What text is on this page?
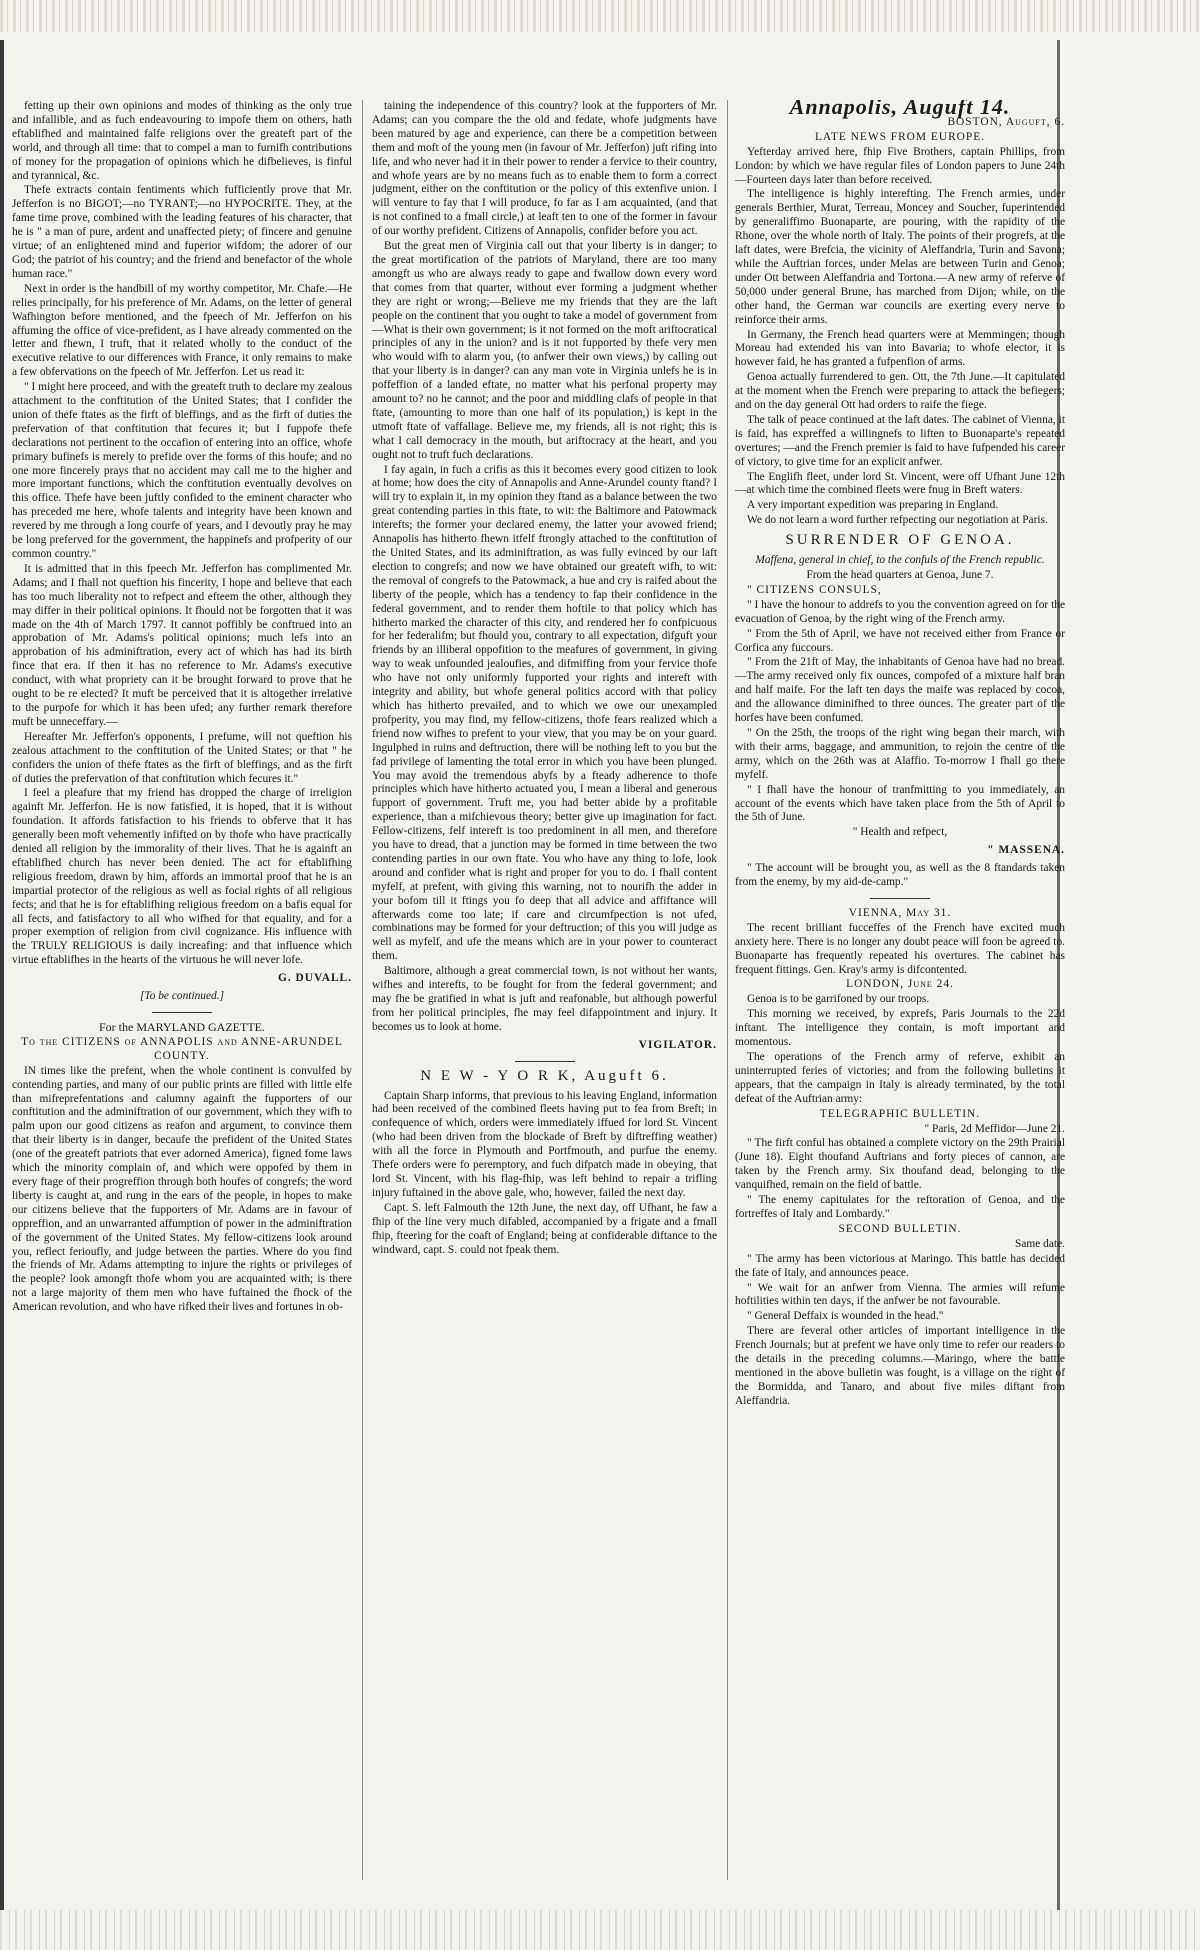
fetting up their own opinions and modes of thinking as the only true and infallible, and as fuch endeavouring to impofe them on others, hath eftablifhed and maintained falfe religions over the greateft part of the world, and through all time: that to compel a man to furnifh contributions of money for the propagation of opinions which he difbelieves, is finful and tyrannical, &c.

Thefe extracts contain fentiments which fufficiently prove that Mr. Jefferfon is no BIGOT;—no TYRANT;—no HYPOCRITE. They, at the fame time prove, combined with the leading features of his character, that he is " a man of pure, ardent and unaffected piety; of fincere and genuine virtue; of an enlightened mind and fuperior wifdom; the adorer of our God; the patriot of his country; and the friend and benefactor of the whole human race."

Next in order is the handbill of my worthy competitor, Mr. Chafe.—He relies principally, for his preference of Mr. Adams, on the letter of general Wafhington before mentioned, and the fpeech of Mr. Jefferfon on his affuming the office of vice-prefident, as I have already commented on the letter and fhewn, I truft, that it related wholly to the conduct of the executive relative to our differences with France, it only remains to make a few obfervations on the fpeech of Mr. Jefferfon. Let us read it:

" I might here proceed, and with the greateft truth to declare my zealous attachment to the conftitution of the United States; that I confider the union of thefe ftates as the firft of bleffings, and as the firft of duties the prefervation of that conftitution that fecures it; but I fuppofe thefe declarations not pertinent to the occafion of entering into an office, whofe primary bufinefs is merely to prefide over the forms of this houfe; and no one more fincerely prays that no accident may call me to the higher and more important functions, which the conftitution eventually devolves on this office. Thefe have been juftly confided to the eminent character who has preceded me here, whofe talents and integrity have been known and revered by me through a long courfe of years, and I devoutly pray he may be long preferved for the government, the happinefs and profperity of our common country."

It is admitted that in this fpeech Mr. Jefferfon has complimented Mr. Adams; and I fhall not queftion his fincerity, I hope and believe that each has too much liberality not to refpect and efteem the other, although they may differ in their political opinions. It fhould not be forgotten that it was made on the 4th of March 1797. It cannot poffibly be conftrued into an approbation of Mr. Adams's political opinions; much lefs into an approbation of his adminiftration, every act of which has had its birth fince that era. If then it has no reference to Mr. Adams's executive conduct, with what propriety can it be brought forward to prove that he ought to be re elected? It muft be perceived that it is altogether irrelative to the purpofe for which it has been ufed; any further remark therefore muft be unneceffary.—

Hereafter Mr. Jefferfon's opponents, I prefume, will not queftion his zealous attachment to the conftitution of the United States; or that " he confiders the union of thefe ftates as the firft of bleffings, and as the firft of duties the prefervation of that conftitution which fecures it."

I feel a pleafure that my friend has dropped the charge of irreligion againft Mr. Jefferfon. He is now fatisfied, it is hoped, that it is without foundation. It affords fatisfaction to his friends to obferve that it has generally been moft vehemently infifted on by thofe who have practically denied all religion by the immorality of their lives. That he is againft an eftablifhed church has never been denied. The act for eftablifhing religious freedom, drawn by him, affords an immortal proof that he is an impartial protector of the religious as well as focial rights of all religious fects; and that he is for eftablifhing religious freedom on a bafis equal for all fects, and fatisfactory to all who wifhed for that equality, and for a proper exemption of religion from civil cognizance. His influence with the TRULY RELIGIOUS is daily increafing: and that influence which virtue eftablifhes in the hearts of the virtuous he will never lofe.

G. DUVALL.

[To be continued.]

For the MARYLAND GAZETTE.

To the CITIZENS of ANNAPOLIS and ANNE-ARUNDEL COUNTY.

IN times like the prefent, when the whole continent is convulfed by contending parties, and many of our public prints are filled with little elfe than mifreprefentations and calumny againft the fupporters of our conftitution and the adminiftration of our government, which they wifh to palm upon our good citizens as reafon and argument, to convince them that their liberty is in danger, becaufe the prefident of the United States (one of the greateft patriots that ever adorned America), figned fome laws which the minority complain of, and which were oppofed by them in every ftage of their progreffion through both houfes of congrefs; the word liberty is caught at, and rung in the ears of the people, in hopes to make our citizens believe that the fupporters of Mr. Adams are in favour of oppreffion, and an unwarranted affumption of power in the adminiftration of the government of the United States. My fellow-citizens look around you, reflect ferioufly, and judge between the parties. Where do you find the friends of Mr. Adams attempting to injure the rights or privileges of the people? look amongft thofe whom you are acquainted with; is there not a large majority of them men who have fuftained the fhock of the American revolution, and who have rifked their lives and fortunes in ob-

taining the independence of this country? look at the fupporters of Mr. Adams; can you compare the the old and fedate, whofe judgments have been matured by age and experience, can there be a competition between them and moft of the young men (in favour of Mr. Jefferfon) juft rifing into life, and who never had it in their power to render a fervice to their country, and whofe years are by no means fuch as to enable them to form a correct judgment, either on the conftitution or the policy of this extenfive union. I will venture to fay that I will produce, fo far as I am acquainted, (and that is not confined to a fmall circle,) at leaft ten to one of the former in favour of our worthy prefident. Citizens of Annapolis, confider before you act.

But the great men of Virginia call out that your liberty is in danger; to the great mortification of the patriots of Maryland, there are too many amongft us who are always ready to gape and fwallow down every word that comes from that quarter, without ever forming a judgment whether they are right or wrong;—Believe me my friends that they are the laft people on the continent that you ought to take a model of government from—What is their own government; is it not formed on the moft ariftocratical principles of any in the union? and is it not fupported by thefe very men who would wifh to alarm you, (to anfwer their own views,) by calling out that your liberty is in danger? can any man vote in Virginia unlefs he is in poffeffion of a landed eftate, no matter what his perfonal property may amount to? no he cannot; and the poor and middling clafs of people in that ftate, (amounting to more than one half of its population,) is kept in the utmoft ftate of vaffallage. Believe me, my friends, all is not right; this is what I call democracy in the mouth, but ariftocracy at the heart, and you ought not to truft fuch declarations.

I fay again, in fuch a crifis as this it becomes every good citizen to look at home; how does the city of Annapolis and Anne-Arundel county ftand? I will try to explain it, in my opinion they ftand as a balance between the two great contending parties in this ftate, to wit: the Baltimore and Patowmack interefts; the former your declared enemy, the latter your avowed friend; Annapolis has hitherto fhewn itfelf ftrongly attached to the conftitution of the United States, and its adminiftration, as was fully evinced by our laft election to congrefs; and now we have obtained our greateft wifh, to wit: the removal of congrefs to the Patowmack, a hue and cry is raifed about the liberty of the people, which has a tendency to fap their confidence in the federal government, and to render them hoftile to that policy which has hitherto marked the character of this city, and rendered her fo confpicuous for her federalifm; but fhould you, contrary to all expectation, difguft your friends by an illiberal oppofition to the meafures of government, in giving way to weak unfounded jealoufies, and difmiffing from your fervice thofe who have not only uniformly fupported your rights and intereft with integrity and ability, but whofe general politics accord with that policy which has hitherto prevailed, and to which we owe our unexampled profperity, you may find, my fellow-citizens, thofe fears realized which a friend now wifhes to prefent to your view, that you may be on your guard. Ingulphed in ruins and deftruction, there will be nothing left to you but the fad privilege of lamenting the total error in which you have been plunged. You may avoid the tremendous abyfs by a fteady adherence to thofe principles which have hitherto actuated you, I mean a liberal and generous fupport of government. Truft me, you had better abide by a profitable experience, than a mifchievous theory; better give up imagination for fact. Fellow-citizens, felf intereft is too predominent in all men, and therefore you have to dread, that a junction may be formed in time between the two contending parties in our own ftate. You who have any thing to lofe, look around and confider what is right and proper for you to do. I fhall content myfelf, at prefent, with giving this warning, not to nourifh the adder in your bofom till it ftings you fo deep that all advice and affiftance will afterwards come too late; if care and circumfpection is not ufed, combinations may be formed for your deftruction; of this you will judge as well as myfelf, and ufe the means which are in your power to counteract them.

Baltimore, although a great commercial town, is not without her wants, wifhes and interefts, to be fought for from the federal government; and may fhe be gratified in what is juft and reafonable, but although powerful from her political principles, fhe may feel difappointment and injury. It becomes us to look at home.

VIGILATOR.

N E W - Y O R K, Auguft 6.

Captain Sharp informs, that previous to his leaving England, information had been received of the combined fleets having put to fea from Breft; in confequence of which, orders were immediately iffued for lord St. Vincent (who had been driven from the blockade of Breft by diftreffing weather) with all the force in Plymouth and Portfmouth, and purfue the enemy. Thefe orders were fo peremptory, and fuch difpatch made in obeying, that lord St. Vincent, with his flag-fhip, was left behind to repair a trifling injury fuftained in the above gale, who, however, failed the next day.

Capt. S. left Falmouth the 12th June, the next day, off Ufhant, he faw a fhip of the line very much difabled, accompanied by a frigate and a fmall fhip, fteering for the coaft of England; being at confiderable diftance to the windward, capt. S. could not fpeak them.

Annapolis, Auguft 14.

BOSTON, Auguft, 6.

LATE NEWS FROM EUROPE.

Yefterday arrived here, fhip Five Brothers, captain Phillips, from London: by which we have regular files of London papers to June 24th—Fourteen days later than before received.

The intelligence is highly interefting. The French armies, under generals Berthier, Murat, Terreau, Moncey and Soucher, fuperintended by generaliffimo Buonaparte, are pouring, with the rapidity of the Rhone, over the whole north of Italy. The points of their progrefs, at the laft dates, were Brefcia, the vicinity of Aleffandria, Turin and Savona; while the Auftrian forces, under Melas are between Turin and Genoa; under Ott between Aleffandria and Tortona.—A new army of referve of 50,000 under general Brune, has marched from Dijon; while, on the other hand, the German war councils are exerting every nerve to reinforce their arms.

In Germany, the French head quarters were at Memmingen; though Moreau had extended his van into Bavaria; to whofe elector, it is however faid, he has granted a fufpenfion of arms.

Genoa actually furrendered to gen. Ott, the 7th June.—It capitulated at the moment when the French were preparing to attack the befiegers; and on the day general Ott had orders to raife the fiege.

The talk of peace continued at the laft dates. The cabinet of Vienna, it is faid, has expreffed a willingnefs to liften to Buonaparte's repeated overtures; —and the French premier is faid to have fufpended his career of victory, to give time for an explicit anfwer.

The Englifh fleet, under lord St. Vincent, were off Ufhant June 12th—at which time the combined fleets were fnug in Breft waters.

A very important expedition was preparing in England.

We do not learn a word further refpecting our negotiation at Paris.

SURRENDER OF GENOA.

Maffena, general in chief, to the confuls of the French republic.

From the head quarters at Genoa, June 7.

" CITIZENS CONSULS,

" I have the honour to addrefs to you the convention agreed on for the evacuation of Genoa, by the right wing of the French army.

" From the 5th of April, we have not received either from France or Corfica any fuccours.

" From the 21ft of May, the inhabitants of Genoa have had no bread.—The army received only fix ounces, compofed of a mixture half bran and half maife. For the laft ten days the maife was replaced by cocoa, and the allowance diminifhed to three ounces. The greater part of the horfes have been confumed.

" On the 25th, the troops of the right wing began their march, with with their arms, baggage, and ammunition, to rejoin the centre of the army, which on the 26th was at Alaffio. To-morrow I fhall go there myfelf.

" I fhall have the honour of tranfmitting to you immediately, an account of the events which have taken place from the 5th of April to the 5th of June.

" Health and refpect,

" MASSENA.

" The account will be brought you, as well as the 8 ftandards taken from the enemy, by my aid-de-camp."

VIENNA, May 31.

The recent brilliant fucceffes of the French have excited much anxiety here. There is no longer any doubt peace will foon be agreed to. Buonaparte has frequently repeated his overtures. The cabinet has frequent fittings. Gen. Kray's army is difcontented.

LONDON, June 24.

Genoa is to be garrifoned by our troops.

This morning we received, by exprefs, Paris Journals to the 22d inftant. The intelligence they contain, is moft important and momentous.

The operations of the French army of referve, exhibit an uninterrupted feries of victories; and from the following bulletins it appears, that the campaign in Italy is already terminated, by the total defeat of the Auftrian army:

TELEGRAPHIC BULLETIN.

" Paris, 2d Meffidor—June 21.

" The firft conful has obtained a complete victory on the 29th Prairial (June 18). Eight thoufand Auftrians and forty pieces of cannon, are taken by the French army. Six thoufand dead, belonging to the vanquifhed, remain on the field of battle.

" The enemy capitulates for the reftoration of Genoa, and the fortreffes of Italy and Lombardy."

SECOND BULLETIN.

Same date.

" The army has been victorious at Maringo. This battle has decided the fate of Italy, and announces peace.

" We wait for an anfwer from Vienna. The armies will refume hoftilities within ten days, if the anfwer be not favourable.

" General Deffaix is wounded in the head."

There are feveral other articles of important intelligence in the French Journals; but at prefent we have only time to refer our readers to the details in the preceding columns.—Maringo, where the battle mentioned in the above bulletin was fought, is a village on the right of the Bormidda, and Tanaro, and about five miles diftant from Aleffandria.
